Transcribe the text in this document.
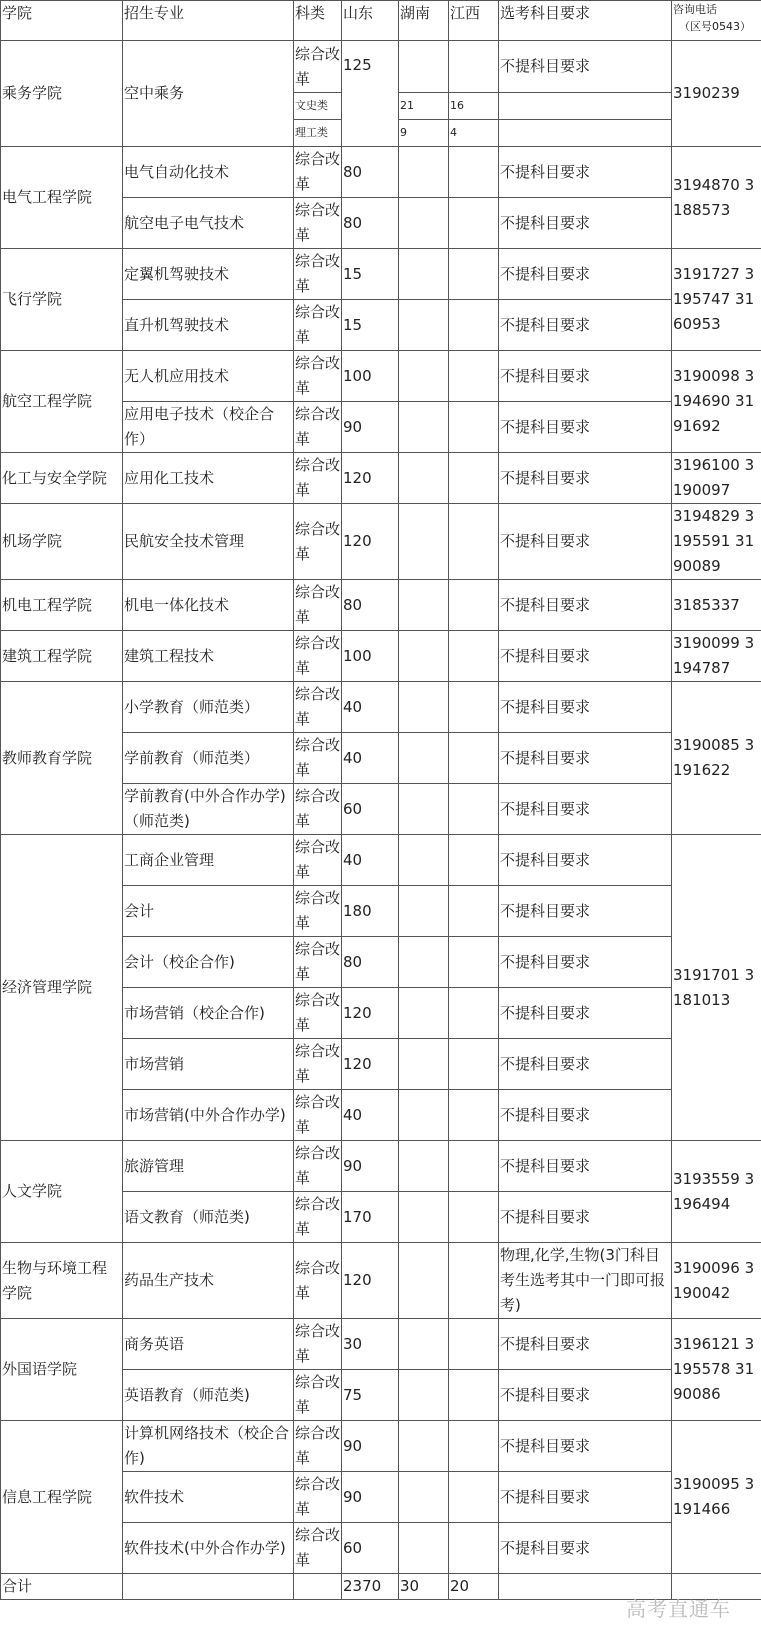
学院	招生专业	科类	山东	湖南	江西	选考科目要求	咨询电话
（区号0543）

乘务学院	空中乘务	综合改革	125			不提科目要求	3190239
		文史类		21	16		
		理工类		9	4		
电气工程学院	电气自动化技术	综合改革	80			不提科目要求	3194870 3188573
	航空电子电气技术	综合改革	80			不提科目要求	
飞行学院	定翼机驾驶技术	综合改革	15			不提科目要求	3191727 3195747 3160953
	直升机驾驶技术	综合改革	15			不提科目要求	
航空工程学院	无人机应用技术	综合改革	100			不提科目要求	3190098 3194690 3191692
	应用电子技术（校企合作）	综合改革	90			不提科目要求	
化工与安全学院	应用化工技术	综合改革	120			不提科目要求	3196100 3190097
机场学院	民航安全技术管理	综合改革	120			不提科目要求	3194829 3195591 3190089
机电工程学院	机电一体化技术	综合改革	80			不提科目要求	3185337
建筑工程学院	建筑工程技术	综合改革	100			不提科目要求	3190099 3194787
教师教育学院	小学教育（师范类）	综合改革	40			不提科目要求	3190085 3191622
	学前教育（师范类）	综合改革	40			不提科目要求	
	学前教育(中外合作办学)（师范类)	综合改革	60			不提科目要求	
经济管理学院	工商企业管理	综合改革	40			不提科目要求	3191701 3181013
	会计	综合改革	180			不提科目要求	
	会计（校企合作)	综合改革	80			不提科目要求	
	市场营销（校企合作)	综合改革	120			不提科目要求	
	市场营销	综合改革	120			不提科目要求	
	市场营销(中外合作办学)	综合改革	40			不提科目要求	
人文学院	旅游管理	综合改革	90			不提科目要求	3193559 3196494
	语文教育（师范类)	综合改革	170			不提科目要求	
生物与环境工程学院	药品生产技术	综合改革	120			物理,化学,生物(3门科目考生选考其中一门即可报考)	3190096 3190042
外国语学院	商务英语	综合改革	30			不提科目要求	3196121 3195578 3190086
	英语教育（师范类)	综合改革	75			不提科目要求	
信息工程学院	计算机网络技术（校企合作)	综合改革	90			不提科目要求	3190095 3191466
	软件技术	综合改革	90			不提科目要求	
	软件技术(中外合作办学)	综合改革	60			不提科目要求	
合计			2370	30	20		
高考直通车
